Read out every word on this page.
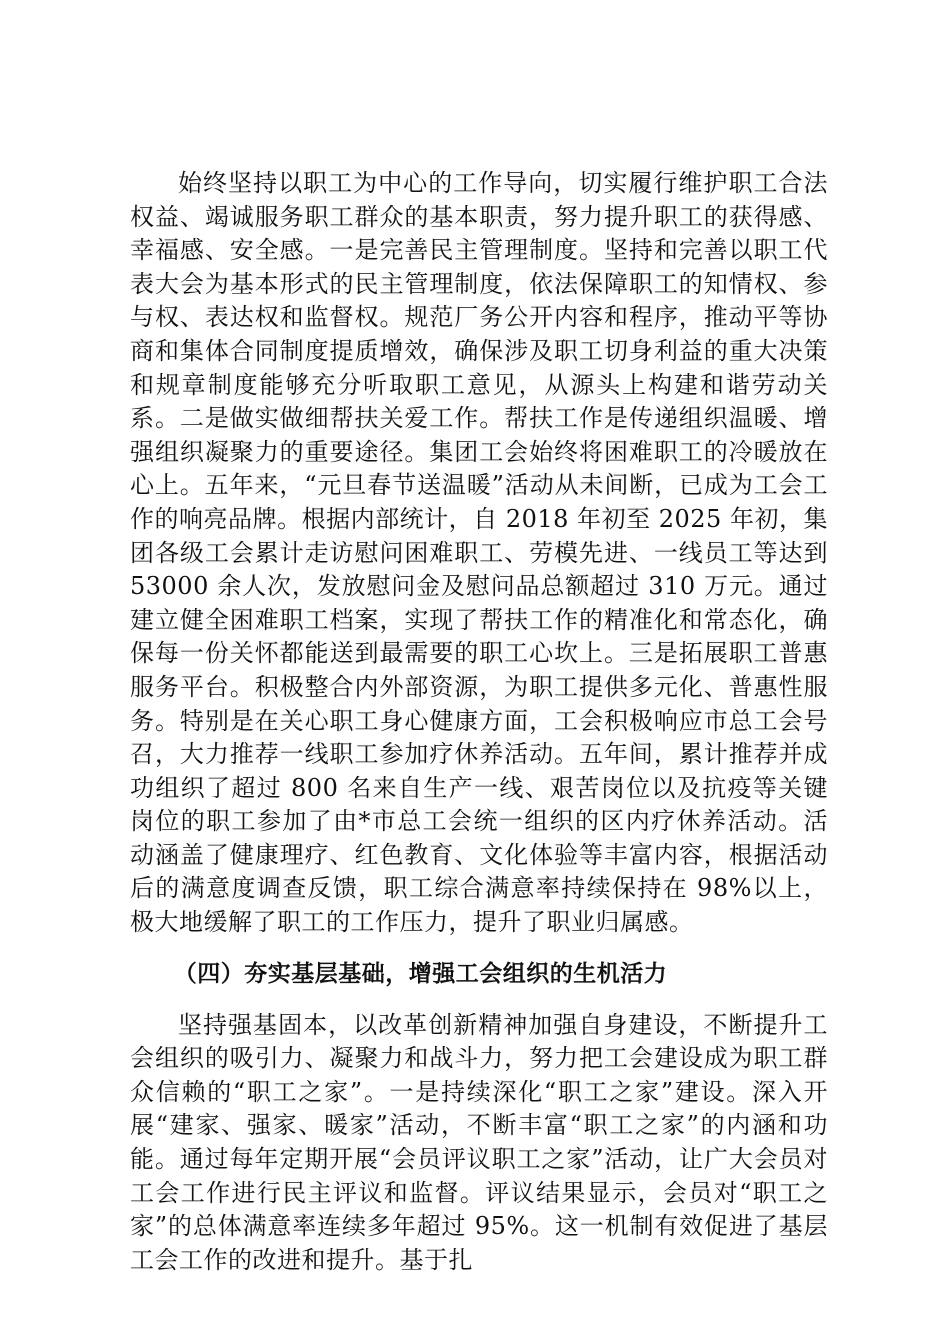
始终坚持以职工为中心的工作导向，切实履行维护职工合法权益、竭诚服务职工群众的基本职责，努力提升职工的获得感、幸福感、安全感。一是完善民主管理制度。坚持和完善以职工代表大会为基本形式的民主管理制度，依法保障职工的知情权、参与权、表达权和监督权。规范厂务公开内容和程序，推动平等协商和集体合同制度提质增效，确保涉及职工切身利益的重大决策和规章制度能够充分听取职工意见，从源头上构建和谐劳动关系。二是做实做细帮扶关爱工作。帮扶工作是传递组织温暖、增强组织凝聚力的重要途径。集团工会始终将困难职工的冷暖放在心上。五年来，“元旦春节送温暖”活动从未间断，已成为工会工作的响亮品牌。根据内部统计，自 2018 年初至 2025 年初，集团各级工会累计走访慰问困难职工、劳模先进、一线员工等达到 53000 余人次，发放慰问金及慰问品总额超过 310 万元。通过建立健全困难职工档案，实现了帮扶工作的精准化和常态化，确保每一份关怀都能送到最需要的职工心坎上。三是拓展职工普惠服务平台。积极整合内外部资源，为职工提供多元化、普惠性服务。特别是在关心职工身心健康方面，工会积极响应市总工会号召，大力推荐一线职工参加疗休养活动。五年间，累计推荐并成功组织了超过 800 名来自生产一线、艰苦岗位以及抗疫等关键岗位的职工参加了由*市总工会统一组织的区内疗休养活动。活动涵盖了健康理疗、红色教育、文化体验等丰富内容，根据活动后的满意度调查反馈，职工综合满意率持续保持在 98%以上，极大地缓解了职工的工作压力，提升了职业归属感。

（四）夯实基层基础，增强工会组织的生机活力

坚持强基固本，以改革创新精神加强自身建设，不断提升工会组织的吸引力、凝聚力和战斗力，努力把工会建设成为职工群众信赖的“职工之家”。一是持续深化“职工之家”建设。深入开展“建家、强家、暖家”活动，不断丰富“职工之家”的内涵和功能。通过每年定期开展“会员评议职工之家”活动，让广大会员对工会工作进行民主评议和监督。评议结果显示，会员对“职工之家”的总体满意率连续多年超过 95%。这一机制有效促进了基层工会工作的改进和提升。基于扎
